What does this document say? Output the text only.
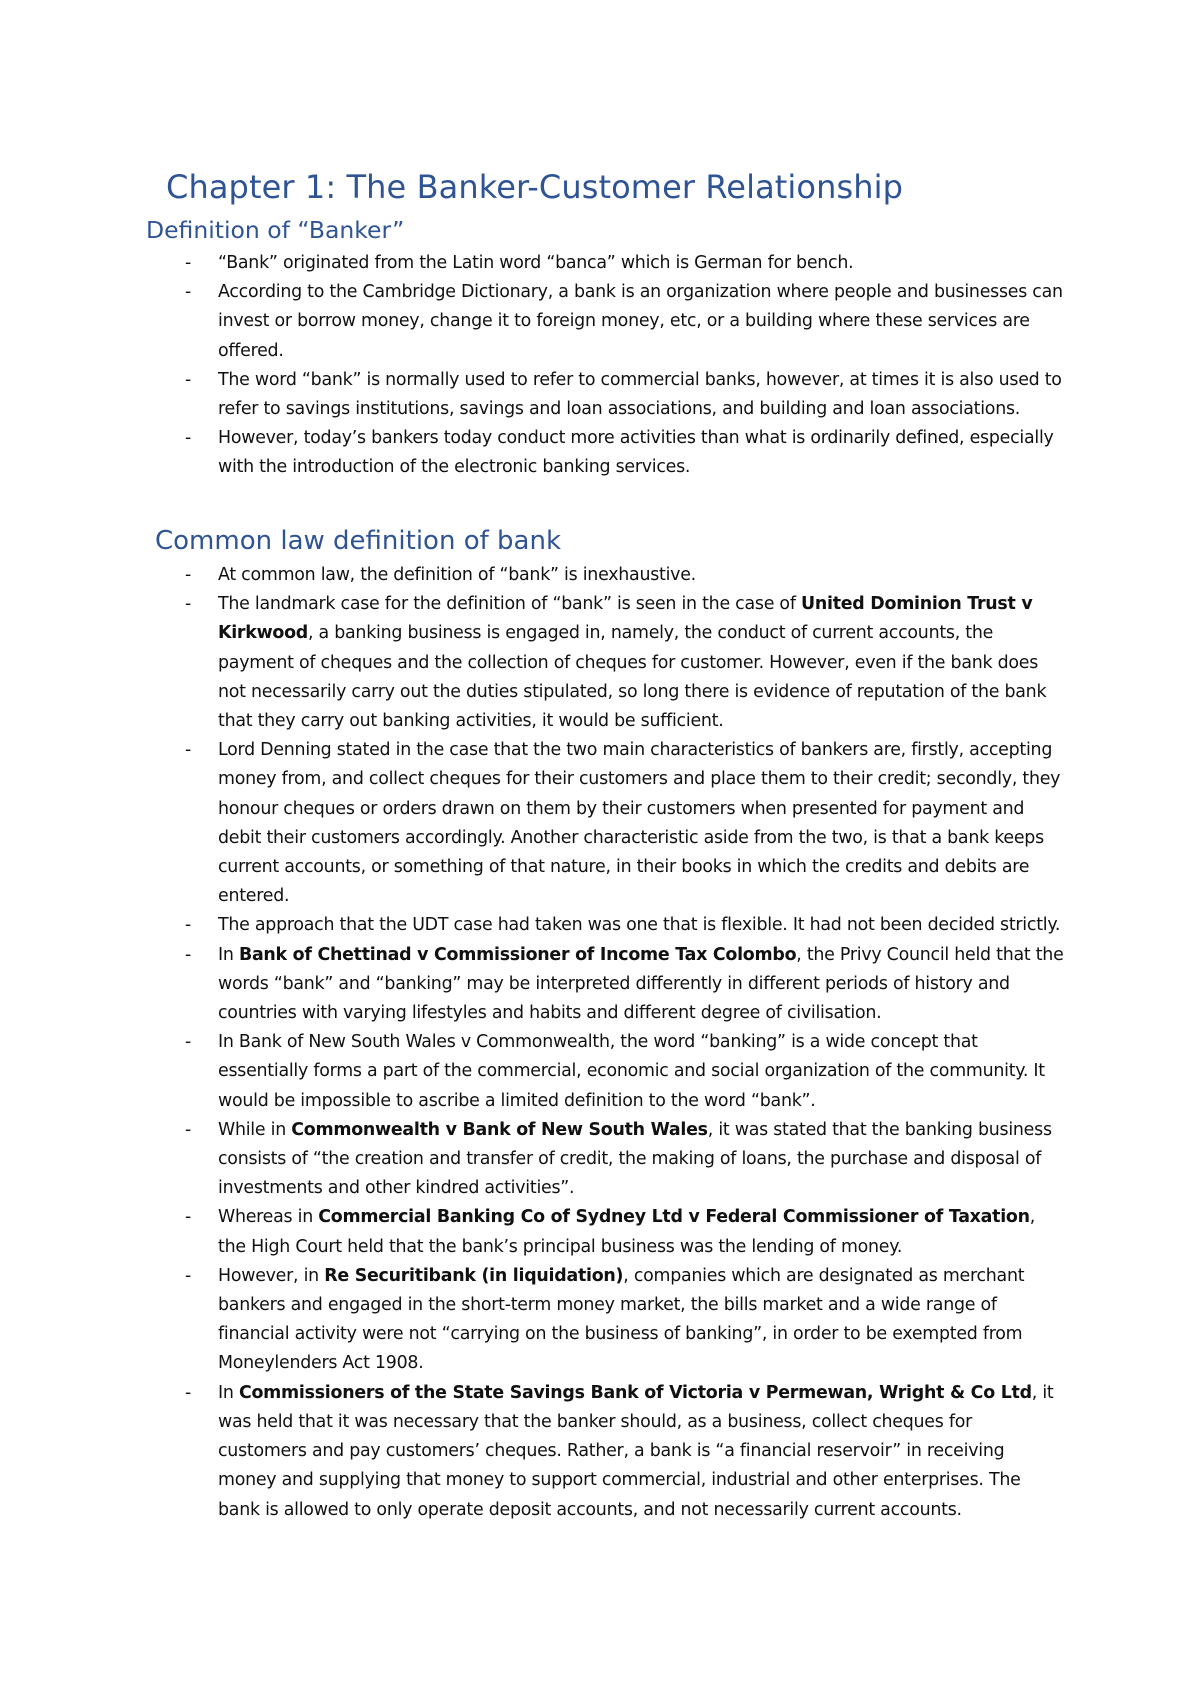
Chapter 1: The Banker-Customer Relationship
Definition of “Banker”
- “Bank” originated from the Latin word “banca” which is German for bench.
- According to the Cambridge Dictionary, a bank is an organization where people and businesses can invest or borrow money, change it to foreign money, etc, or a building where these services are offered.
- The word “bank” is normally used to refer to commercial banks, however, at times it is also used to refer to savings institutions, savings and loan associations, and building and loan associations.
- However, today’s bankers today conduct more activities than what is ordinarily defined, especially with the introduction of the electronic banking services.
Common law definition of bank
- At common law, the definition of “bank” is inexhaustive.
- The landmark case for the definition of “bank” is seen in the case of United Dominion Trust v Kirkwood, a banking business is engaged in, namely, the conduct of current accounts, the payment of cheques and the collection of cheques for customer. However, even if the bank does not necessarily carry out the duties stipulated, so long there is evidence of reputation of the bank that they carry out banking activities, it would be sufficient.
- Lord Denning stated in the case that the two main characteristics of bankers are, firstly, accepting money from, and collect cheques for their customers and place them to their credit; secondly, they honour cheques or orders drawn on them by their customers when presented for payment and debit their customers accordingly. Another characteristic aside from the two, is that a bank keeps current accounts, or something of that nature, in their books in which the credits and debits are entered.
- The approach that the UDT case had taken was one that is flexible. It had not been decided strictly.
- In Bank of Chettinad v Commissioner of Income Tax Colombo, the Privy Council held that the words “bank” and “banking” may be interpreted differently in different periods of history and countries with varying lifestyles and habits and different degree of civilisation.
- In Bank of New South Wales v Commonwealth, the word “banking” is a wide concept that essentially forms a part of the commercial, economic and social organization of the community. It would be impossible to ascribe a limited definition to the word “bank”.
- While in Commonwealth v Bank of New South Wales, it was stated that the banking business consists of “the creation and transfer of credit, the making of loans, the purchase and disposal of investments and other kindred activities”.
- Whereas in Commercial Banking Co of Sydney Ltd v Federal Commissioner of Taxation, the High Court held that the bank’s principal business was the lending of money.
- However, in Re Securitibank (in liquidation), companies which are designated as merchant bankers and engaged in the short-term money market, the bills market and a wide range of financial activity were not “carrying on the business of banking”, in order to be exempted from Moneylenders Act 1908.
- In Commissioners of the State Savings Bank of Victoria v Permewan, Wright & Co Ltd, it was held that it was necessary that the banker should, as a business, collect cheques for customers and pay customers’ cheques. Rather, a bank is “a financial reservoir” in receiving money and supplying that money to support commercial, industrial and other enterprises. The bank is allowed to only operate deposit accounts, and not necessarily current accounts.
